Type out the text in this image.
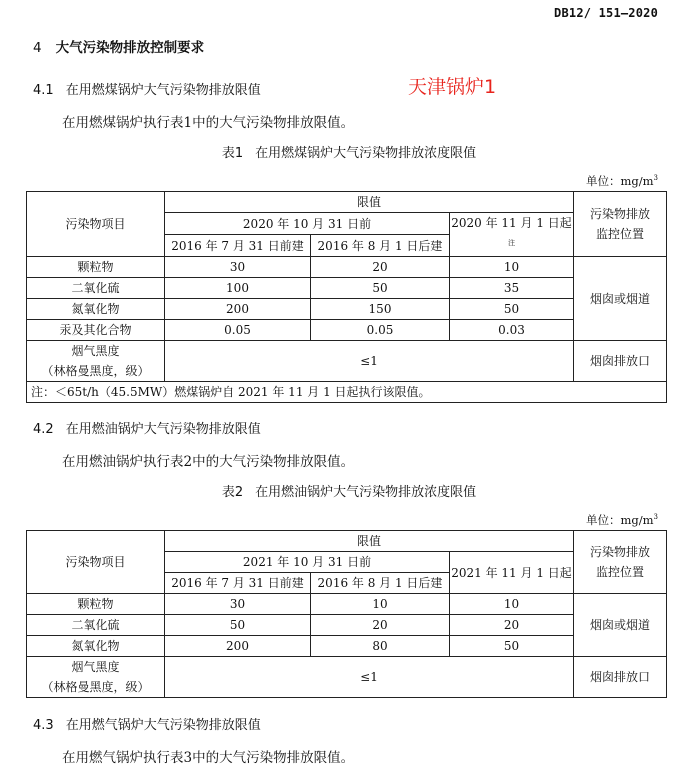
DB12/ 151—2020
4 大气污染物排放控制要求
4.1 在用燃煤锅炉大气污染物排放限值	天津锅炉1
在用燃煤锅炉执行表1中的大气污染物排放限值。
表1 在用燃煤锅炉大气污染物排放浓度限值
单位：$mg/m^3$
污染物项目	限值			污染物排放
监控位置
	2020 年 10 月 31 日前		2020 年 11 月 1 日起$^注$
	2016 年 7 月 31 日前建	2016 年 8 月 1 日后建		
颗粒物	30	20	10	烟囱或烟道
二氧化硫	100	50	35	
氮氧化物	200	150	50	
汞及其化合物	0.05	0.05	0.03	
烟气黑度
（林格曼黑度，级）	≤1			烟囱排放口
注：＜65t/h（45.5MW）燃煤锅炉自 2021 年 11 月 1 日起执行该限值。				
4.2 在用燃油锅炉大气污染物排放限值
在用燃油锅炉执行表2中的大气污染物排放限值。
表2 在用燃油锅炉大气污染物排放浓度限值
单位：$mg/m^3$
污染物项目	限值			污染物排放
监控位置
	2021 年 10 月 31 日前		2021 年 11 月 1 日起	
	2016 年 7 月 31 日前建	2016 年 8 月 1 日后建		
颗粒物	30	10	10	烟囱或烟道
二氧化硫	50	20	20	
氮氧化物	200	80	50	
烟气黑度
（林格曼黑度，级）	≤1			烟囱排放口
4.3 在用燃气锅炉大气污染物排放限值
在用燃气锅炉执行表3中的大气污染物排放限值。
